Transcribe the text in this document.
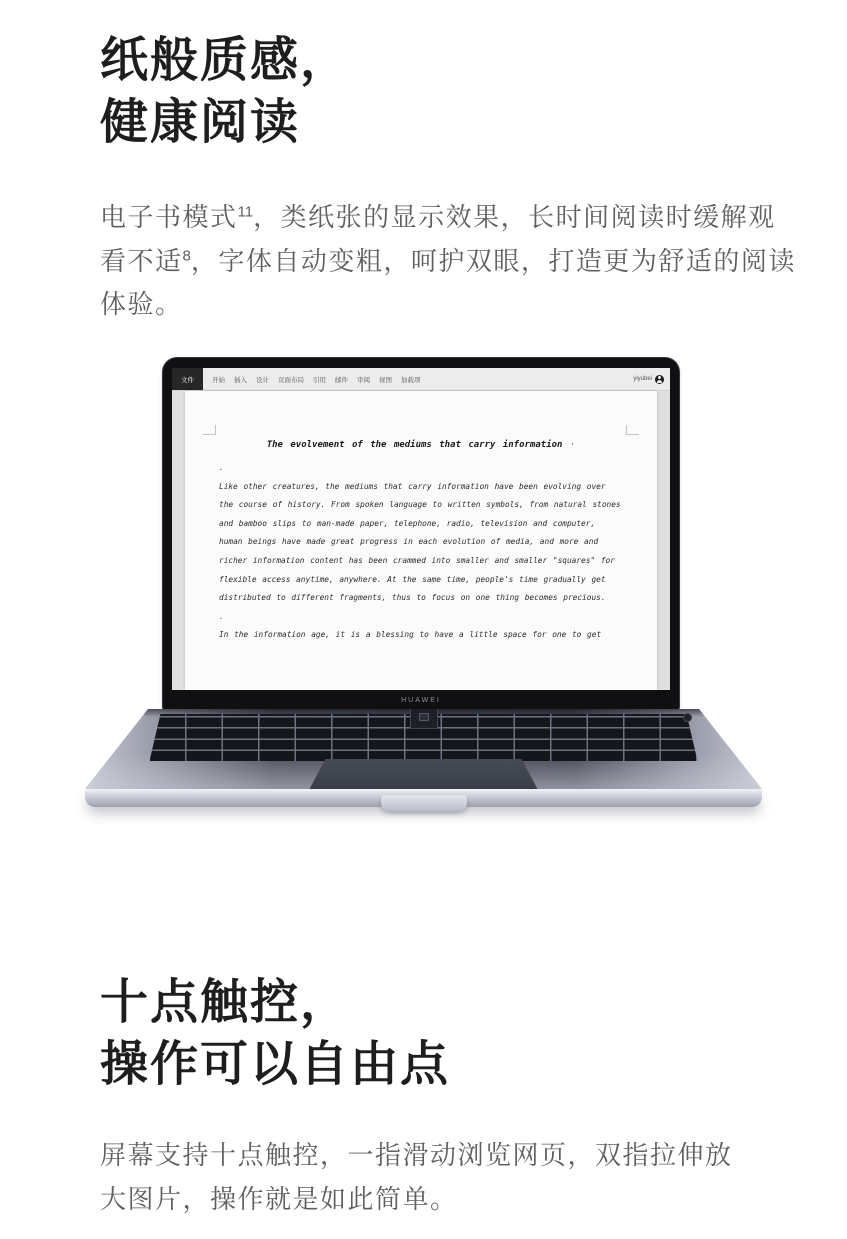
纸般质感，
健康阅读

电子书模式$^{11}$，类纸张的显示效果，长时间阅读时缓解观看不适$^8$，字体自动变粗，呵护双眼，打造更为舒适的阅读体验。

文件	开始 插入 设计 页面布局 引用 邮件 审阅 视图 加载项	yiyubei

The evolvement of the mediums that carry information ·

.

Like other creatures, the mediums that carry information have been evolving over the course of history. From spoken language to written symbols, from natural stones and bamboo slips to man-made paper, telephone, radio, television and computer, human beings have made great progress in each evolution of media, and more and richer information content has been crammed into smaller and smaller "squares" for flexible access anytime, anywhere. At the same time, people's time gradually get distributed to different fragments, thus to focus on one thing becomes precious.

.

In the information age, it is a blessing to have a little space for one to get

HUAWEI
十点触控，
操作可以自由点

屏幕支持十点触控，一指滑动浏览网页，双指拉伸放大图片，操作就是如此简单。
